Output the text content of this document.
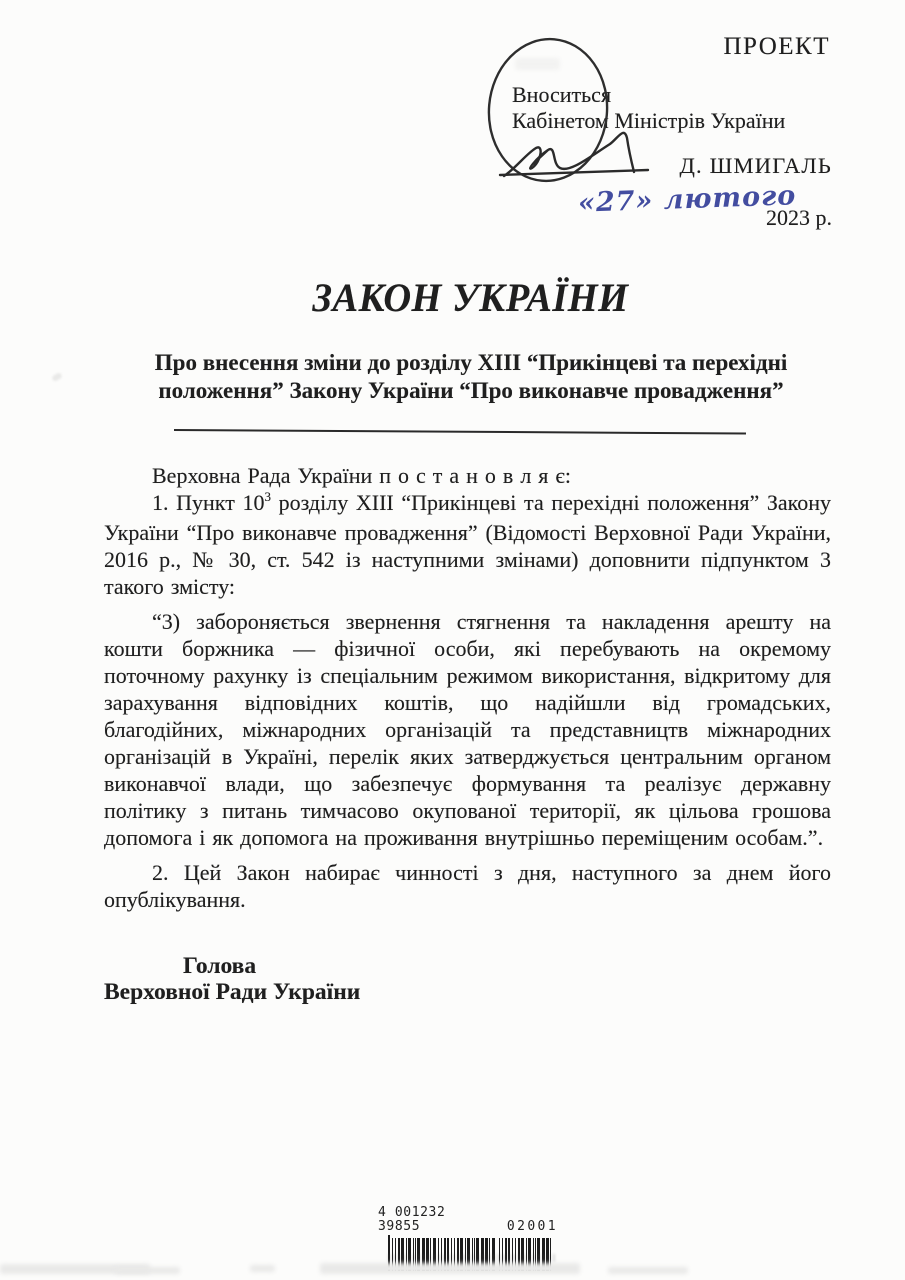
ПРОЕКТ
Вноситься
Кабінетом Міністрів України
Д. ШМИГАЛЬ
«27» лютого
2023 р.
ЗАКОН УКРАЇНИ
Про внесення зміни до розділу XIII “Прикінцеві та перехідні
положення” Закону України “Про виконавче провадження”

Верховна Рада України п о с т а н о в л я є:

1. Пункт $10^3$ розділу XIII “Прикінцеві та перехідні положення” Закону України “Про виконавче провадження” (Відомості Верховної Ради України, 2016 р., № 30, ст. 542 із наступними змінами) доповнити підпунктом 3 такого змісту:

“3) забороняється звернення стягнення та накладення арешту на кошти боржника — фізичної особи, які перебувають на окремому поточному рахунку із спеціальним режимом використання, відкритому для зарахування відповідних коштів, що надійшли від громадських, благодійних, міжнародних організацій та представництв міжнародних організацій в Україні, перелік яких затверджується центральним органом виконавчої влади, що забезпечує формування та реалізує державну політику з питань тимчасово окупованої території, як цільова грошова допомога і як допомога на проживання внутрішньо переміщеним особам.”.

2. Цей Закон набирає чинності з дня, наступного за днем його опублікування.

Голова
Верховної Ради України
4 001232 39855	02001
